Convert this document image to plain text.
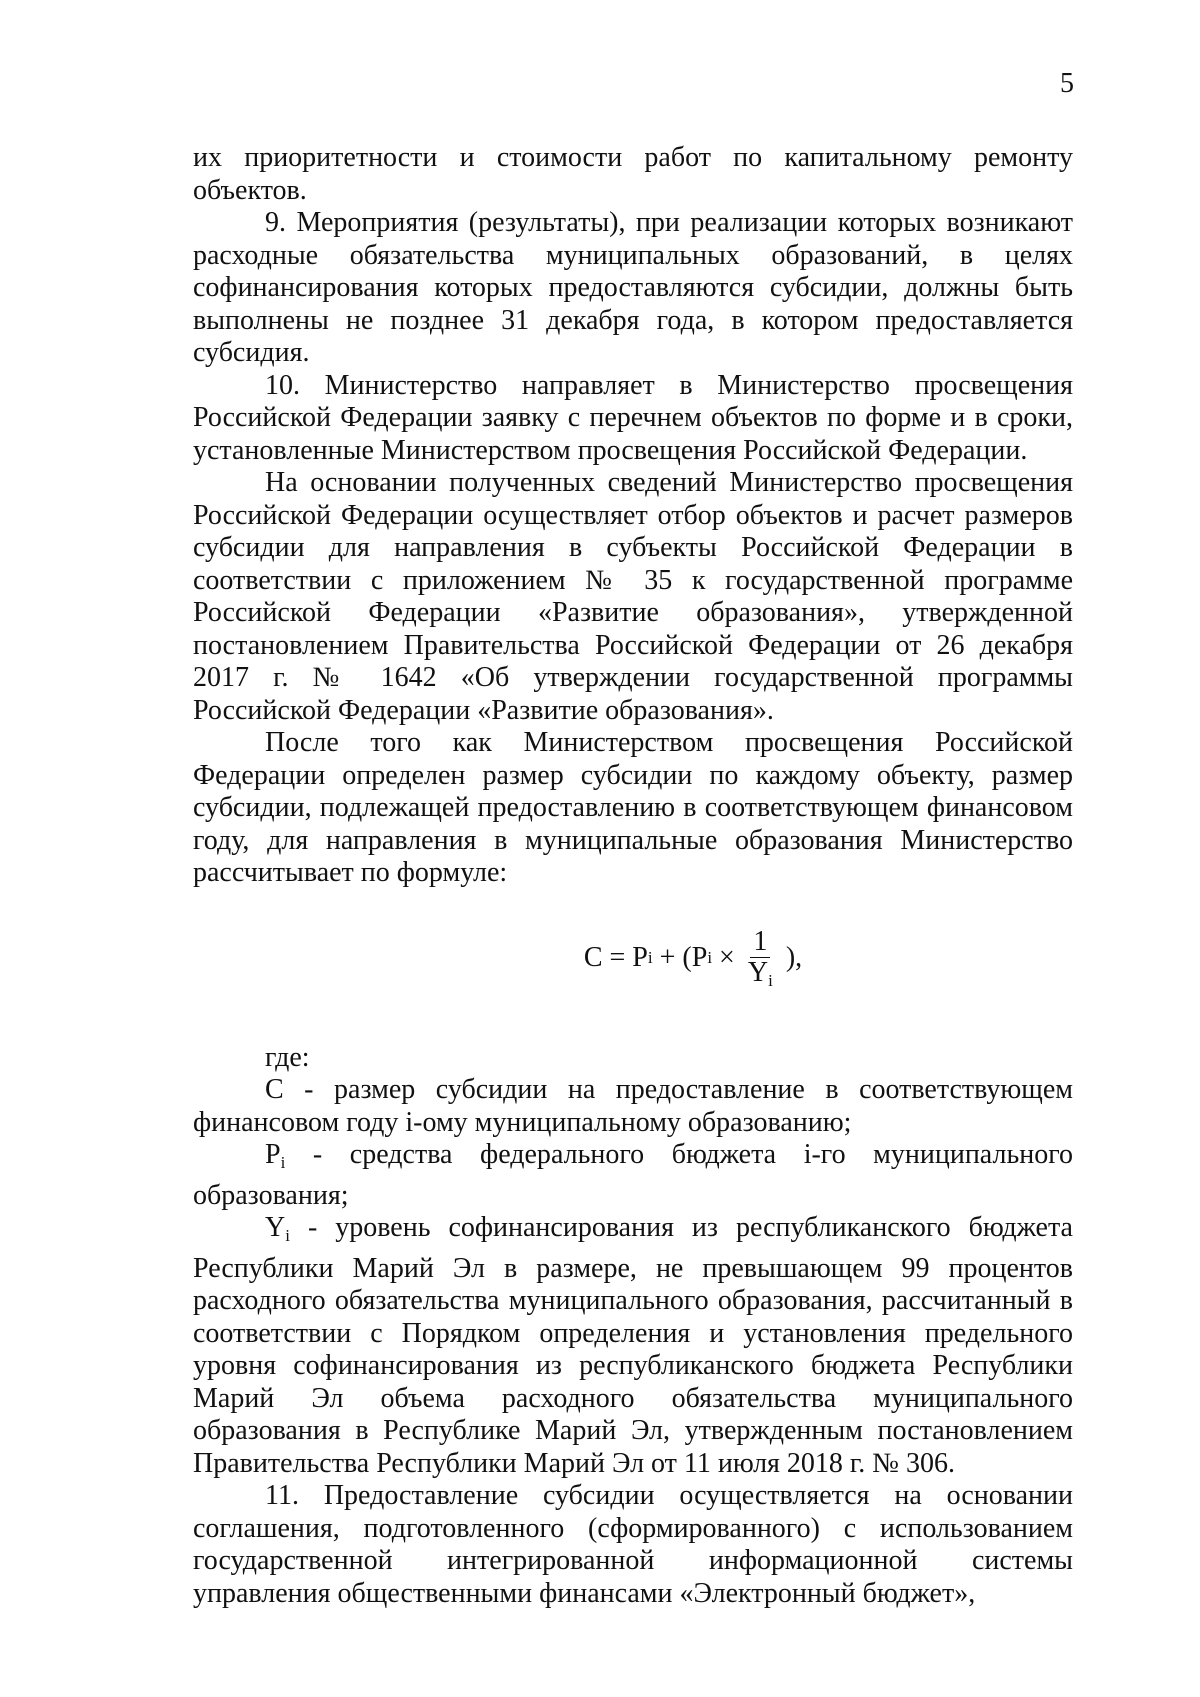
5

их приоритетности и стоимости работ по капитальному ремонту объектов.

9. Мероприятия (результаты), при реализации которых возникают расходные обязательства муниципальных образований, в целях софинансирования которых предоставляются субсидии, должны быть выполнены не позднее 31 декабря года, в котором предоставляется субсидия.

10. Министерство направляет в Министерство просвещения Российской Федерации заявку с перечнем объектов по форме и в сроки, установленные Министерством просвещения Российской Федерации.

На основании полученных сведений Министерство просвещения Российской Федерации осуществляет отбор объектов и расчет размеров субсидии для направления в субъекты Российской Федерации в соответствии с приложением № 35 к государственной программе Российской Федерации «Развитие образования», утвержденной постановлением Правительства Российской Федерации от 26 декабря 2017 г. № 1642 «Об утверждении государственной программы Российской Федерации «Развитие образования».

После того как Министерством просвещения Российской Федерации определен размер субсидии по каждому объекту, размер субсидии, подлежащей предоставлению в соответствующем финансовом году, для направления в муниципальные образования Министерство рассчитывает по формуле:

C = P i + (P $i \times \frac{1}{Y_i}$ ),

где:

C - размер субсидии на предоставление в соответствующем финансовом году i-ому муниципальному образованию;

$P_i$ - средства федерального бюджета i-го муниципального образования;

$Y_i$ - уровень софинансирования из республиканского бюджета Республики Марий Эл в размере, не превышающем 99 процентов расходного обязательства муниципального образования, рассчитанный в соответствии с Порядком определения и установления предельного уровня софинансирования из республиканского бюджета Республики Марий Эл объема расходного обязательства муниципального образования в Республике Марий Эл, утвержденным постановлением Правительства Республики Марий Эл от 11 июля 2018 г. № 306.

11. Предоставление субсидии осуществляется на основании соглашения, подготовленного (сформированного) с использованием государственной интегрированной информационной системы управления общественными финансами «Электронный бюджет»,
